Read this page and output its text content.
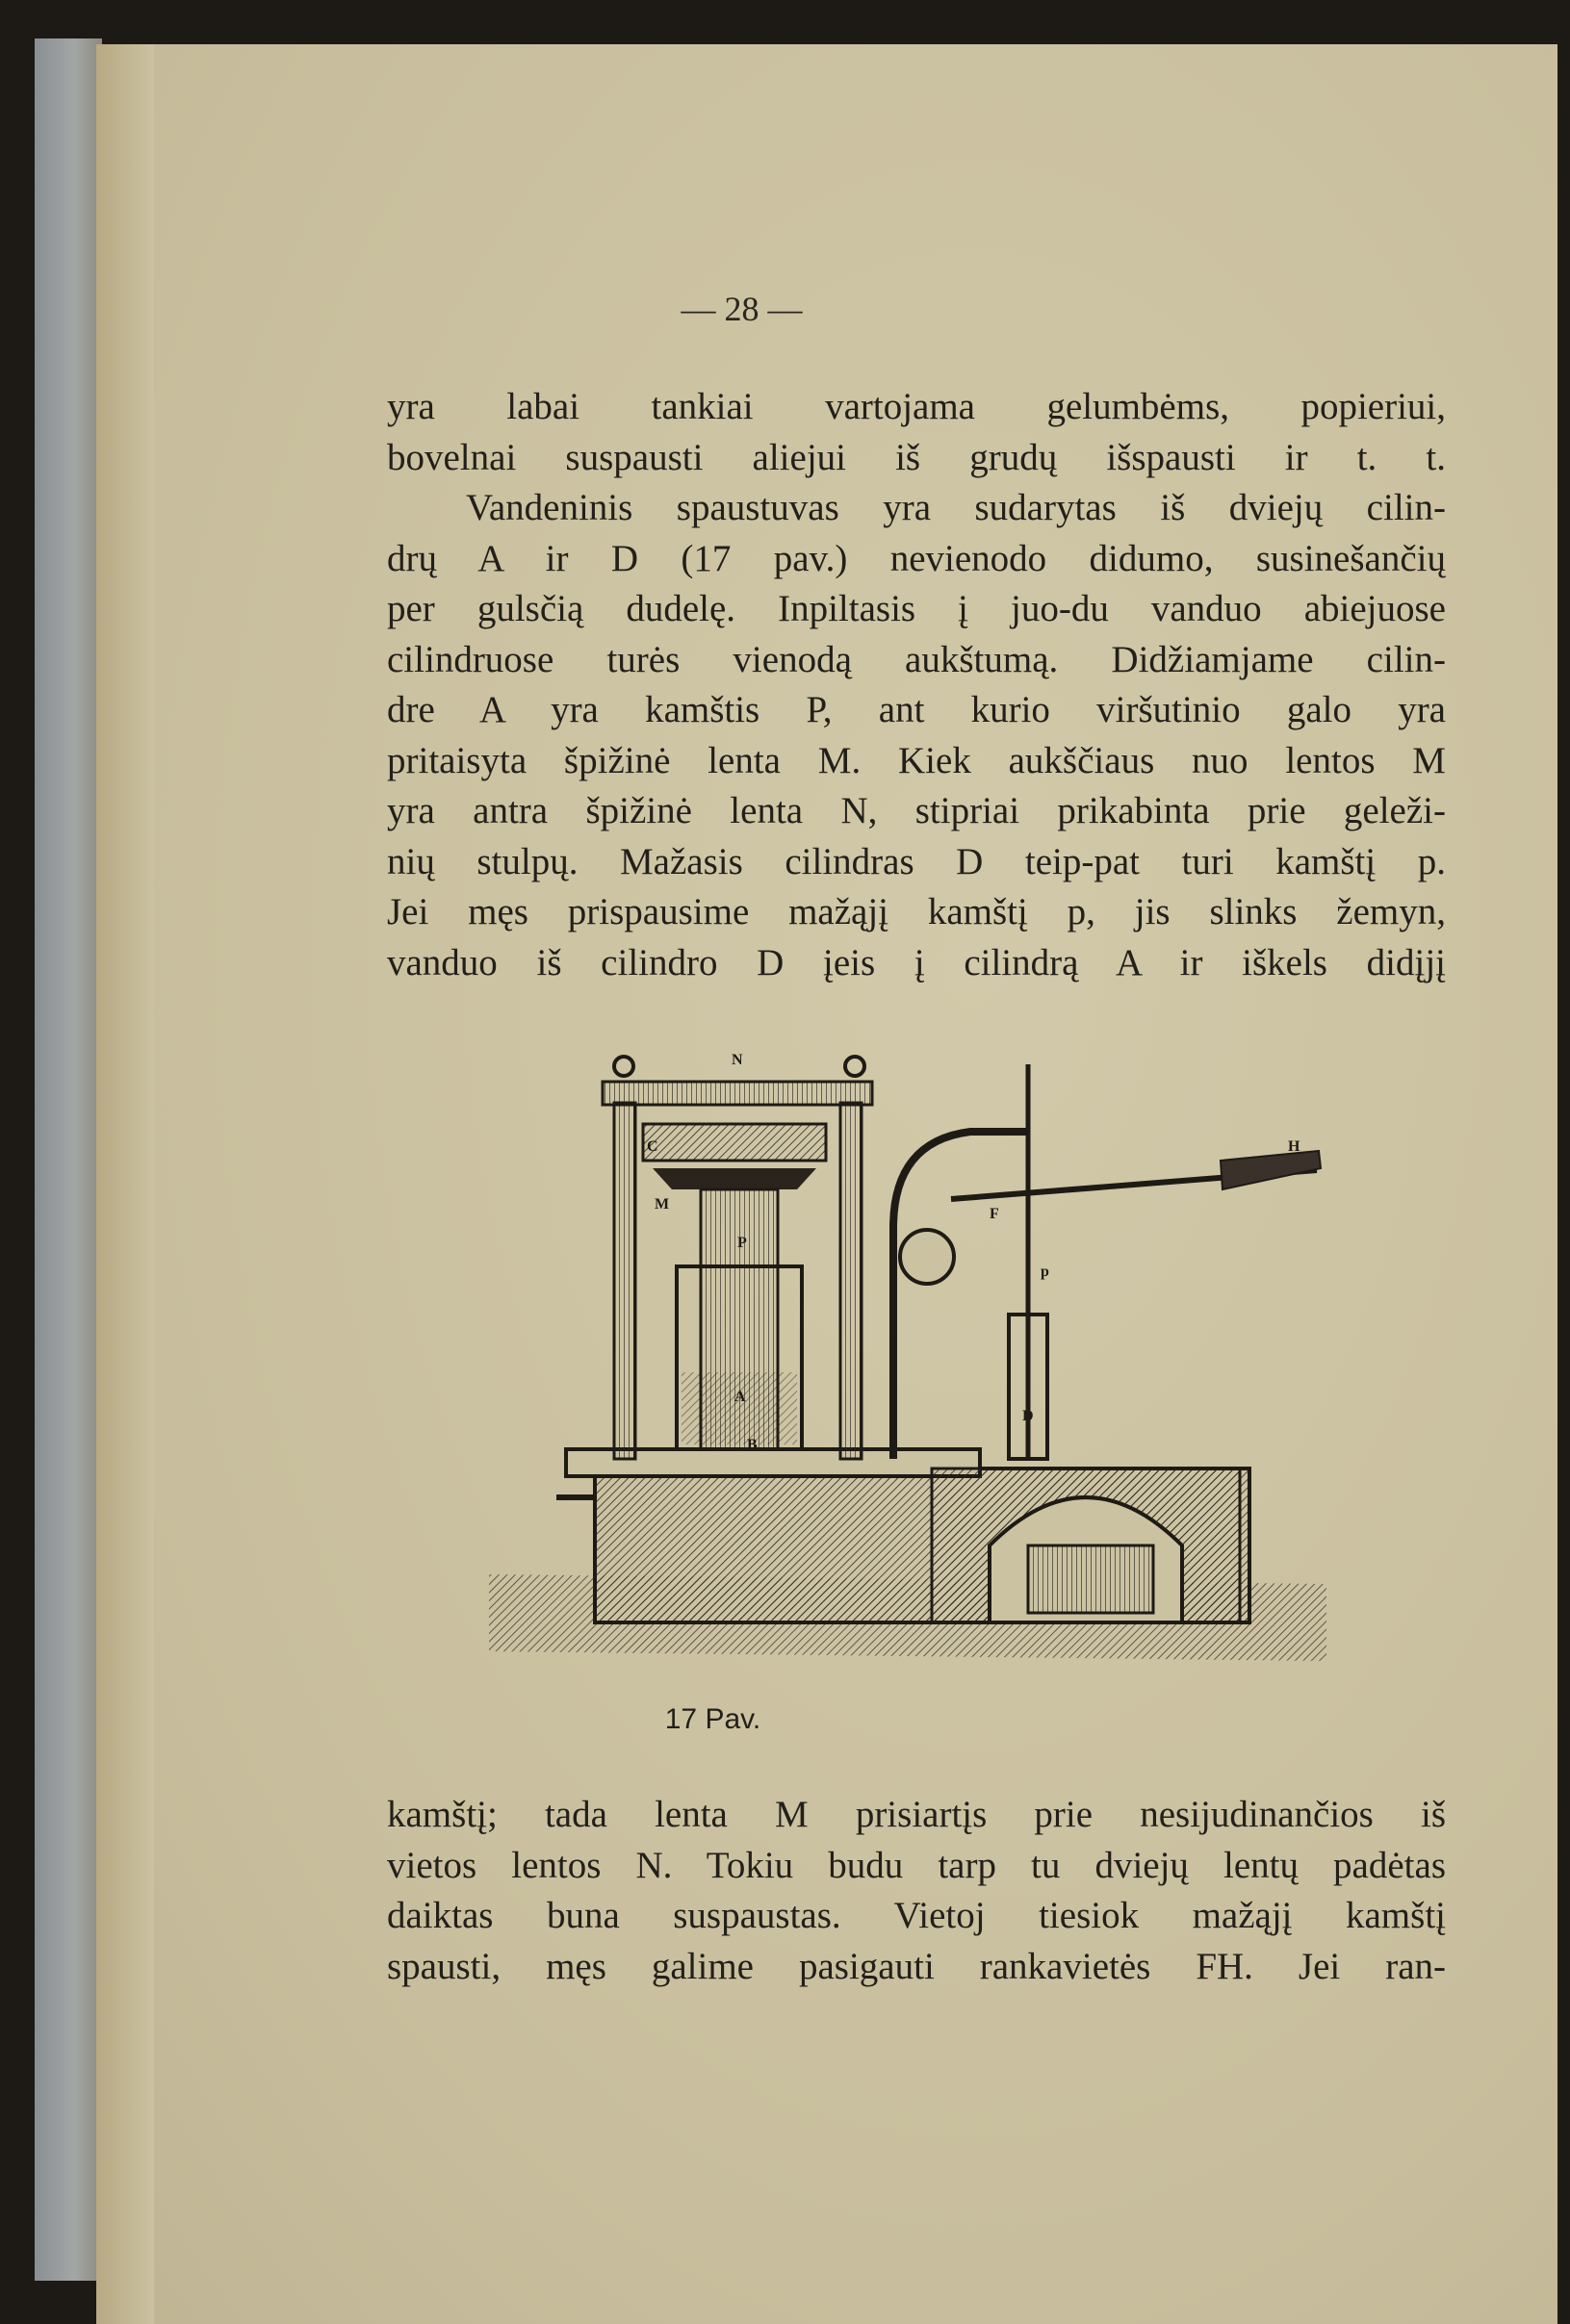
— 28 —
yra labai tankiai vartojama gelumbėms, popieriui,
bovelnai suspausti aliejui iš grudų išspausti ir t. t.
Vandeninis spaustuvas yra sudarytas iš dviejų cilin-
drų A ir D (17 pav.) nevienodo didumo, susinešančių
per gulsčią dudelę. Inpiltasis į juo-du vanduo abiejuose
cilindruose turės vienodą aukštumą. Didžiamjame cilin-
dre A yra kamštis P, ant kurio viršutinio galo yra
pritaisyta špižinė lenta M. Kiek aukščiaus nuo lentos M
yra antra špižinė lenta N, stipriai prikabinta prie geleži-
nių stulpų. Mažasis cilindras D teip-pat turi kamštį p.
Jei męs prispausime mažąjį kamštį p, jis slinks žemyn,
vanduo iš cilindro D įeis į cilindrą A ir iškels didįjį
N
C
M
P
A
B
D
F
p
H
17 Pav.
kamštį; tada lenta M prisiartįs prie nesijudinančios iš
vietos lentos N. Tokiu budu tarp tu dviejų lentų padėtas
daiktas buna suspaustas. Vietoj tiesiok mažąjį kamštį
spausti, męs galime pasigauti rankavietės FH. Jei ran-
